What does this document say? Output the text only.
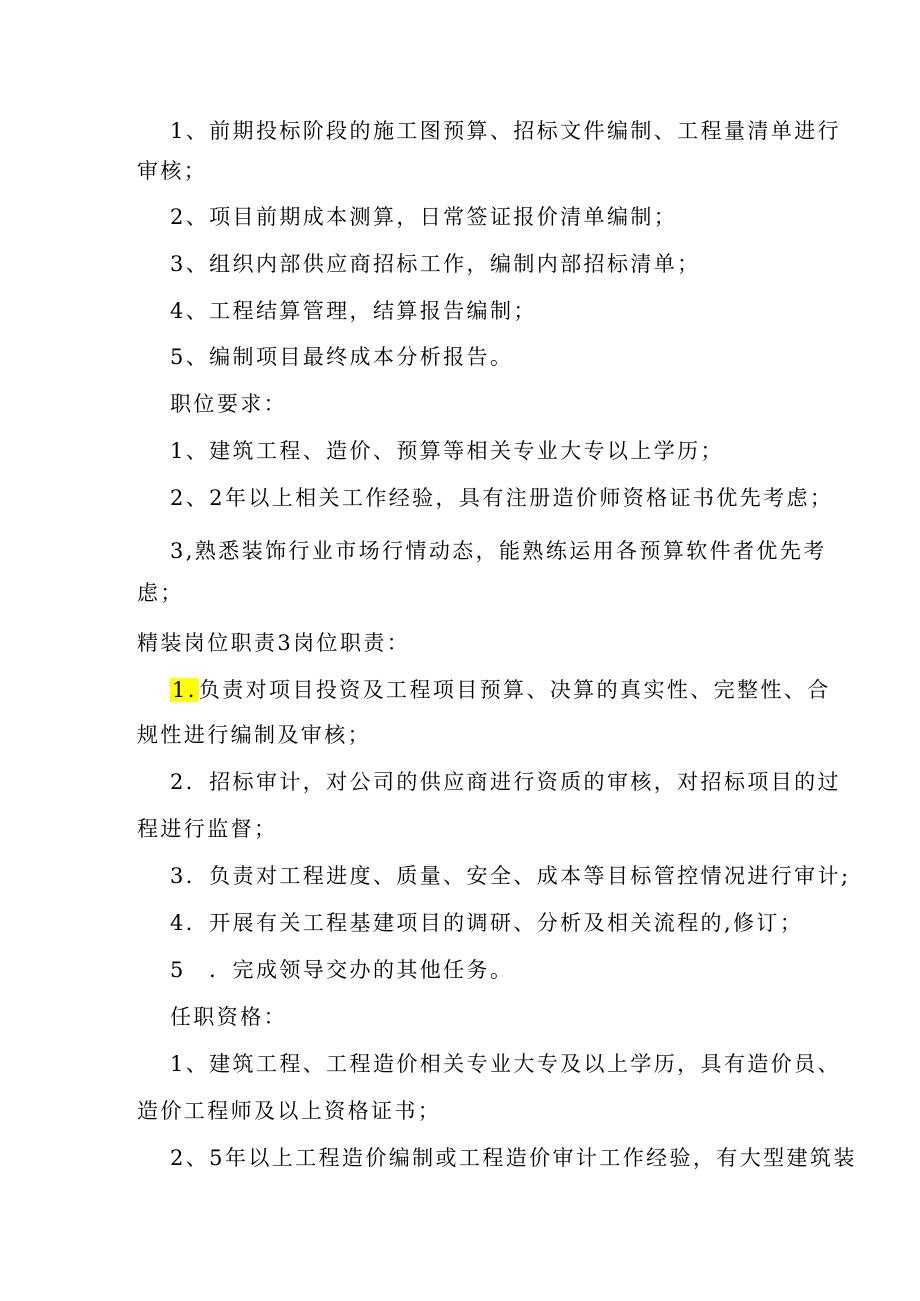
1、前期投标阶段的施工图预算、招标文件编制、工程量清单进行
审核；
2、项目前期成本测算，日常签证报价清单编制；
3、组织内部供应商招标工作，编制内部招标清单；
4、工程结算管理，结算报告编制；
5、编制项目最终成本分析报告。
职位要求：
1、建筑工程、造价、预算等相关专业大专以上学历；
2、2年以上相关工作经验，具有注册造价师资格证书优先考虑；
3,熟悉装饰行业市场行情动态，能熟练运用各预算软件者优先考
虑；
精装岗位职责3岗位职责：
1.负责对项目投资及工程项目预算、决算的真实性、完整性、合
规性进行编制及审核；
2．招标审计，对公司的供应商进行资质的审核，对招标项目的过
程进行监督；
3．负责对工程进度、质量、安全、成本等目标管控情况进行审计;
4．开展有关工程基建项目的调研、分析及相关流程的,修订；
5　．完成领导交办的其他任务。
任职资格：
1、建筑工程、工程造价相关专业大专及以上学历，具有造价员、
造价工程师及以上资格证书；
2、5年以上工程造价编制或工程造价审计工作经验，有大型建筑装
